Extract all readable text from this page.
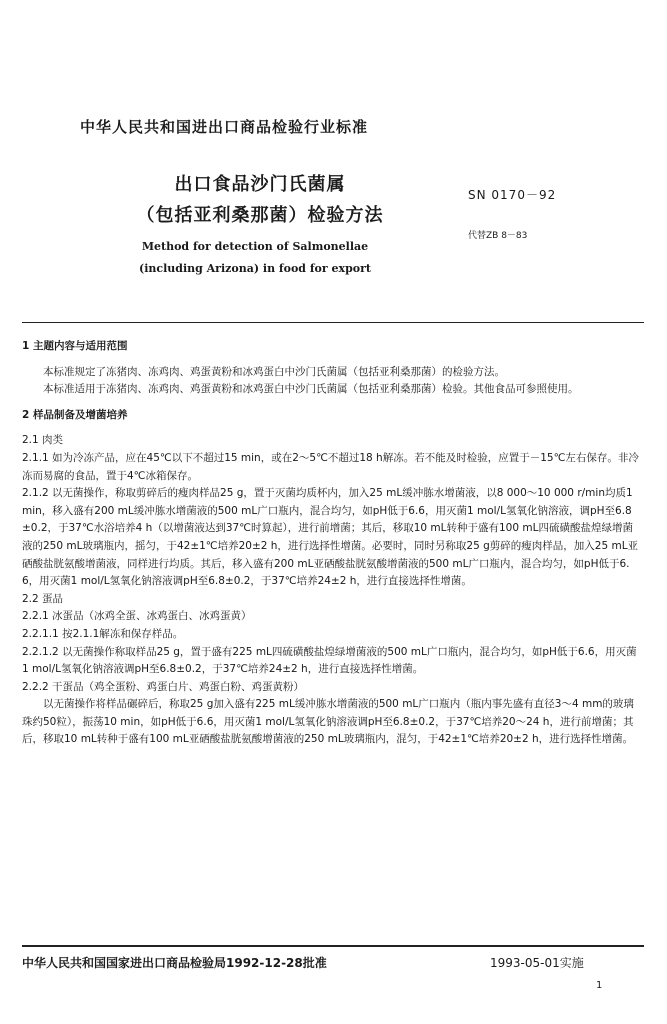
中华人民共和国进出口商品检验行业标准
出口食品沙门氏菌属
（包括亚利桑那菌）检验方法
Method for detection of Salmonellae
(including Arizona) in food for export
SN 0170－92
代替ZB 8－83

1 主题内容与适用范围

本标准规定了冻猪肉、冻鸡肉、鸡蛋黄粉和冰鸡蛋白中沙门氏菌属（包括亚利桑那菌）的检验方法。

本标准适用于冻猪肉、冻鸡肉、鸡蛋黄粉和冰鸡蛋白中沙门氏菌属（包括亚利桑那菌）检验。其他食品可参照使用。

2 样品制备及增菌培养

2.1 肉类

2.1.1 如为冷冻产品，应在45℃以下不超过15 min，或在2～5℃不超过18 h解冻。若不能及时检验，应置于－15℃左右保存。非冷冻而易腐的食品，置于4℃冰箱保存。

2.1.2 以无菌操作，称取剪碎后的瘦肉样品25 g，置于灭菌均质杯内，加入25 mL缓冲胨水增菌液，以8 000～10 000 r/min均质1 min，移入盛有200 mL缓冲胨水增菌液的500 mL广口瓶内，混合均匀，如pH低于6.6，用灭菌1 mol/L氢氧化钠溶液，调pH至6.8±0.2，于37℃水浴培养4 h（以增菌液达到37℃时算起），进行前增菌；其后，移取10 mL转种于盛有100 mL四硫磺酸盐煌绿增菌液的250 mL玻璃瓶内，摇匀，于42±1℃培养20±2 h，进行选择性增菌。必要时，同时另称取25 g剪碎的瘦肉样品，加入25 mL亚硒酸盐胱氨酸增菌液，同样进行均质。其后，移入盛有200 mL亚硒酸盐胱氨酸增菌液的500 mL广口瓶内，混合均匀，如pH低于6.6，用灭菌1 mol/L氢氧化钠溶液调pH至6.8±0.2，于37℃培养24±2 h，进行直接选择性增菌。

2.2 蛋品

2.2.1 冰蛋品（冰鸡全蛋、冰鸡蛋白、冰鸡蛋黄）

2.2.1.1 按2.1.1解冻和保存样品。

2.2.1.2 以无菌操作称取样品25 g，置于盛有225 mL四硫磺酸盐煌绿增菌液的500 mL广口瓶内，混合均匀，如pH低于6.6，用灭菌1 mol/L氢氧化钠溶液调pH至6.8±0.2，于37℃培养24±2 h，进行直接选择性增菌。

2.2.2 干蛋品（鸡全蛋粉、鸡蛋白片、鸡蛋白粉、鸡蛋黄粉）

以无菌操作将样品碾碎后，称取25 g加入盛有225 mL缓冲胨水增菌液的500 mL广口瓶内（瓶内事先盛有直径3～4 mm的玻璃珠约50粒），振荡10 min，如pH低于6.6，用灭菌1 mol/L氢氧化钠溶液调pH至6.8±0.2，于37℃培养20～24 h，进行前增菌；其后，移取10 mL转种于盛有100 mL亚硒酸盐胱氨酸增菌液的250 mL玻璃瓶内，混匀，于42±1℃培养20±2 h，进行选择性增菌。

中华人民共和国国家进出口商品检验局1992-12-28批准	1993-05-01实施
1
